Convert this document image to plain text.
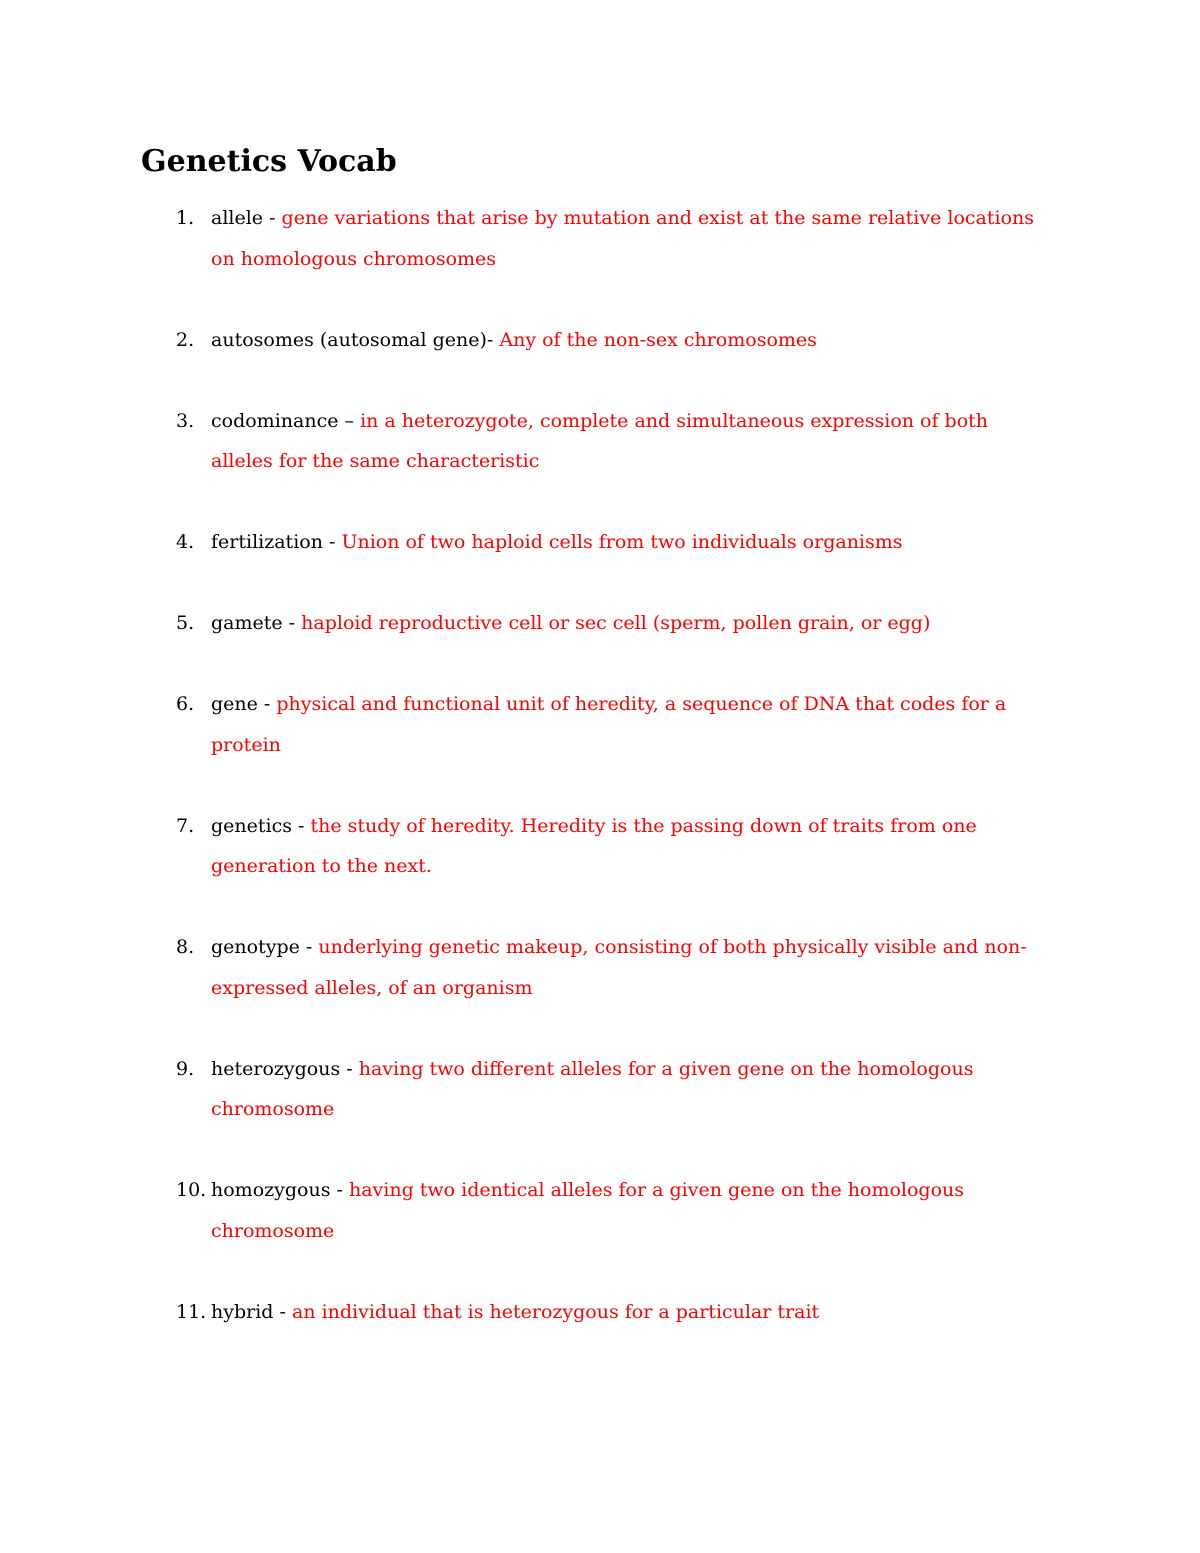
Genetics Vocab
1. allele - gene variations that arise by mutation and exist at the same relative locations on homologous chromosomes
2. autosomes (autosomal gene)- Any of the non-sex chromosomes
3. codominance – in a heterozygote, complete and simultaneous expression of both alleles for the same characteristic
4. fertilization - Union of two haploid cells from two individuals organisms
5. gamete - haploid reproductive cell or sec cell (sperm, pollen grain, or egg)
6. gene - physical and functional unit of heredity, a sequence of DNA that codes for a protein
7. genetics - the study of heredity. Heredity is the passing down of traits from one generation to the next.
8. genotype - underlying genetic makeup, consisting of both physically visible and non-expressed alleles, of an organism
9. heterozygous - having two different alleles for a given gene on the homologous chromosome
10. homozygous - having two identical alleles for a given gene on the homologous chromosome
11. hybrid - an individual that is heterozygous for a particular trait
